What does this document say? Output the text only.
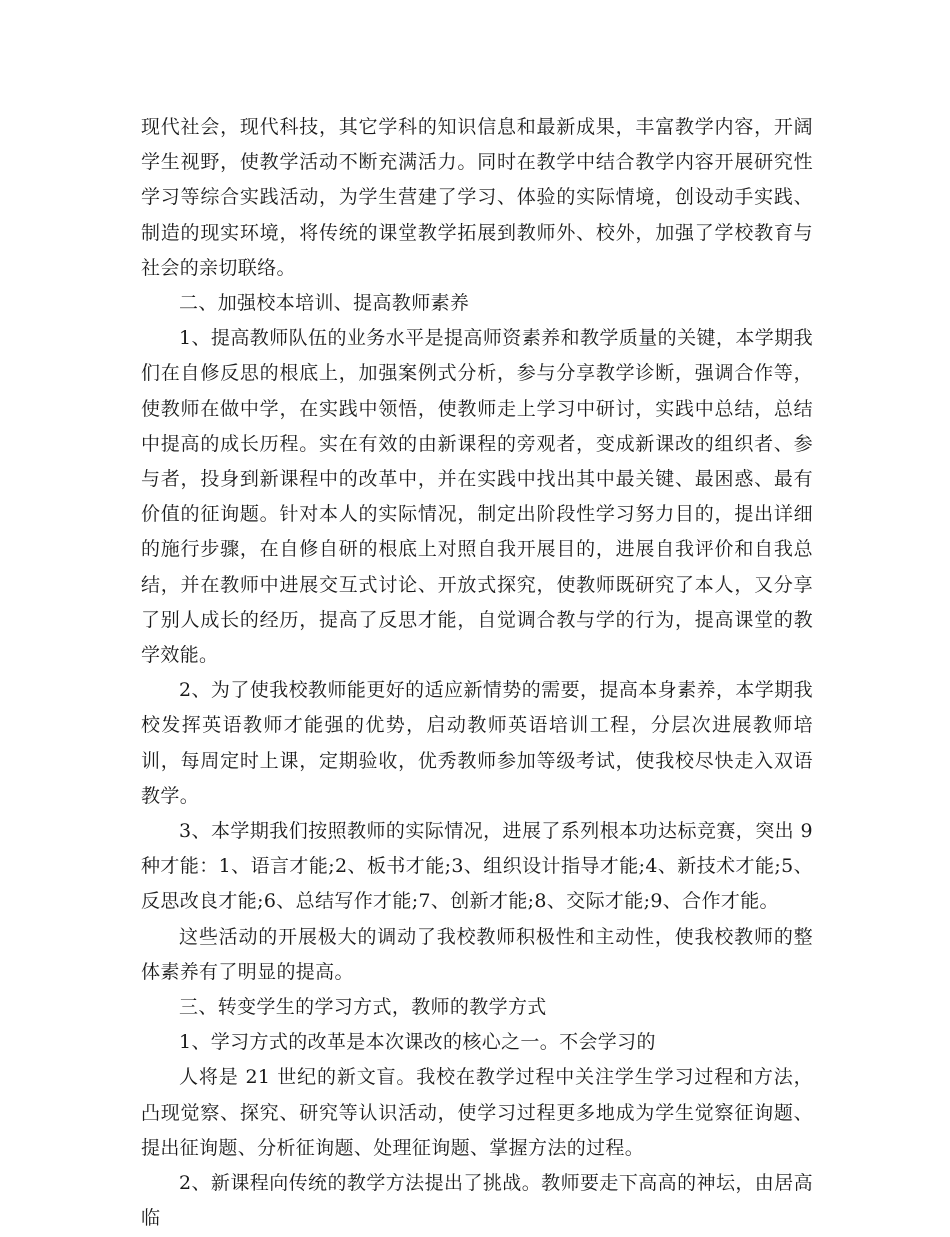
现代社会，现代科技，其它学科的知识信息和最新成果，丰富教学内容，开阔学生视野，使教学活动不断充满活力。同时在教学中结合教学内容开展研究性学习等综合实践活动，为学生营建了学习、体验的实际情境，创设动手实践、制造的现实环境，将传统的课堂教学拓展到教师外、校外，加强了学校教育与社会的亲切联络。

二、加强校本培训、提高教师素养

1、提高教师队伍的业务水平是提高师资素养和教学质量的关键，本学期我们在自修反思的根底上，加强案例式分析，参与分享教学诊断，强调合作等，使教师在做中学，在实践中领悟，使教师走上学习中研讨，实践中总结，总结中提高的成长历程。实在有效的由新课程的旁观者，变成新课改的组织者、参与者，投身到新课程中的改革中，并在实践中找出其中最关键、最困惑、最有价值的征询题。针对本人的实际情况，制定出阶段性学习努力目的，提出详细的施行步骤，在自修自研的根底上对照自我开展目的，进展自我评价和自我总结，并在教师中进展交互式讨论、开放式探究，使教师既研究了本人，又分享了别人成长的经历，提高了反思才能，自觉调合教与学的行为，提高课堂的教学效能。

2、为了使我校教师能更好的适应新情势的需要，提高本身素养，本学期我校发挥英语教师才能强的优势，启动教师英语培训工程，分层次进展教师培训，每周定时上课，定期验收，优秀教师参加等级考试，使我校尽快走入双语教学。

3、本学期我们按照教师的实际情况，进展了系列根本功达标竞赛，突出 9 种才能：1、语言才能;2、板书才能;3、组织设计指导才能;4、新技术才能;5、反思改良才能;6、总结写作才能;7、创新才能;8、交际才能;9、合作才能。

这些活动的开展极大的调动了我校教师积极性和主动性，使我校教师的整体素养有了明显的提高。

三、转变学生的学习方式，教师的教学方式

1、学习方式的改革是本次课改的核心之一。不会学习的

人将是 21 世纪的新文盲。我校在教学过程中关注学生学习过程和方法，凸现觉察、探究、研究等认识活动，使学习过程更多地成为学生觉察征询题、提出征询题、分析征询题、处理征询题、掌握方法的过程。

2、新课程向传统的教学方法提出了挑战。教师要走下高高的神坛，由居高临
